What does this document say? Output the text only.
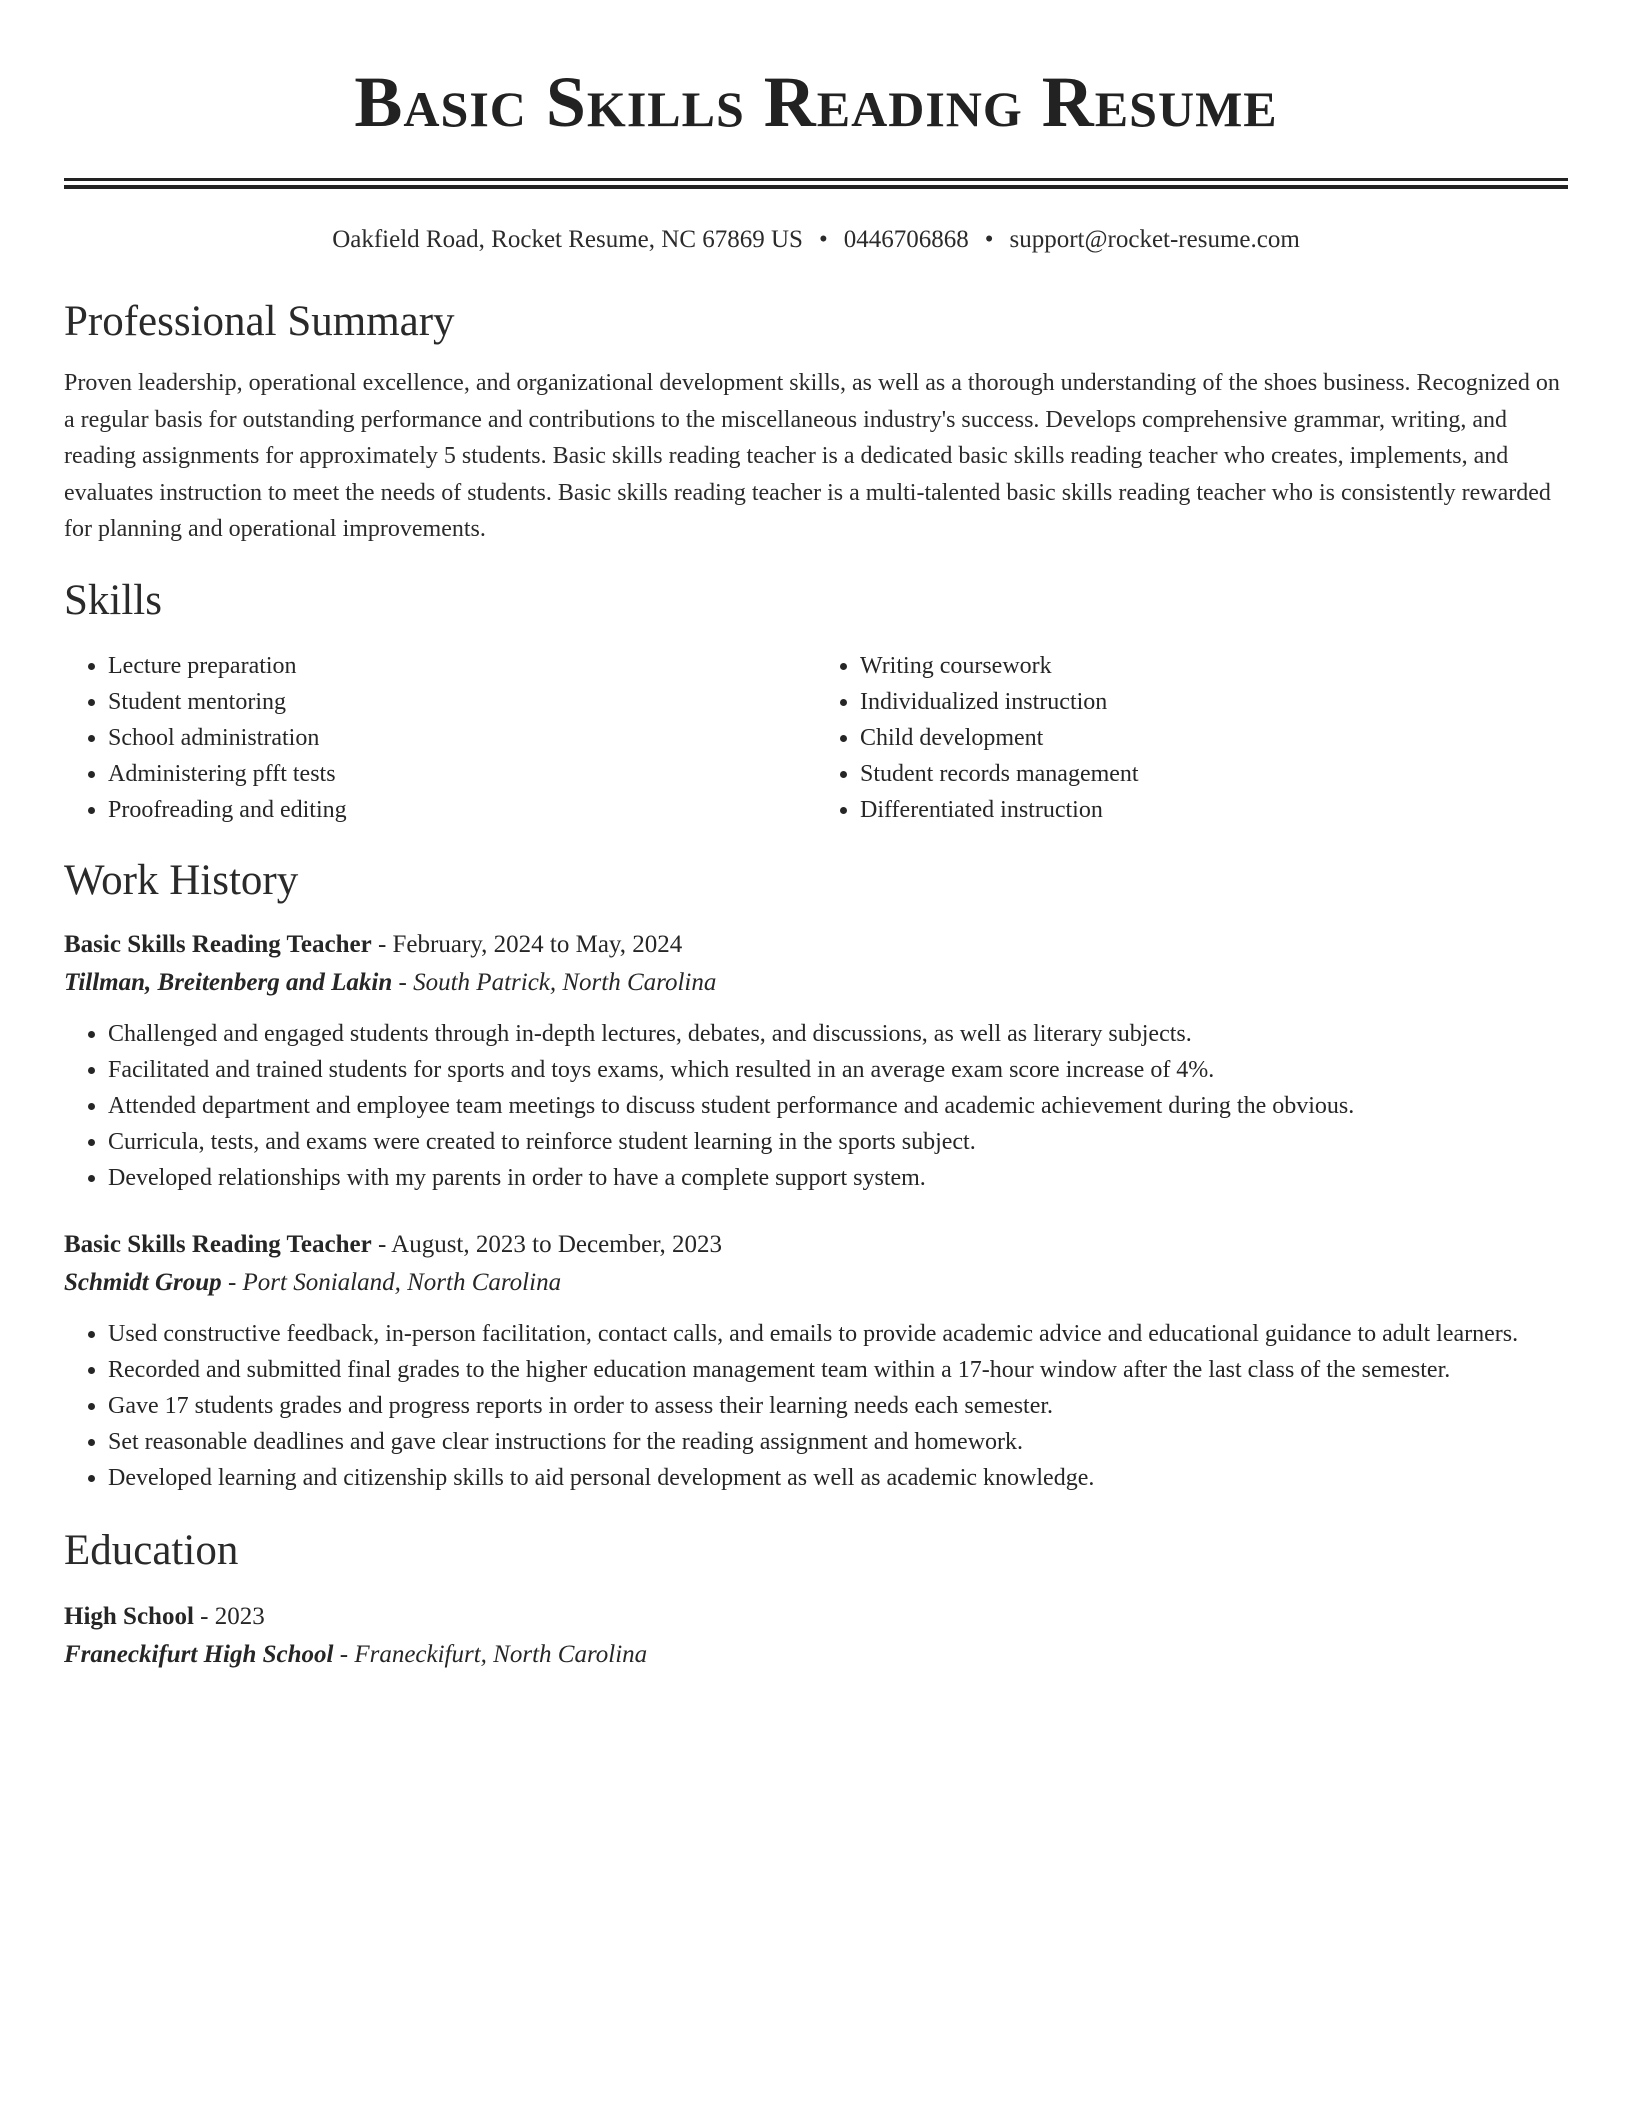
Basic Skills Reading Resume
Oakfield Road, Rocket Resume, NC 67869 US • 0446706868 • support@rocket-resume.com
Professional Summary

Proven leadership, operational excellence, and organizational development skills, as well as a thorough understanding of the shoes business. Recognized on a regular basis for outstanding performance and contributions to the miscellaneous industry's success. Develops comprehensive grammar, writing, and reading assignments for approximately 5 students. Basic skills reading teacher is a dedicated basic skills reading teacher who creates, implements, and evaluates instruction to meet the needs of students. Basic skills reading teacher is a multi-talented basic skills reading teacher who is consistently rewarded for planning and operational improvements.

Skills
• Lecture preparation
• Student mentoring
• School administration
• Administering pfft tests
• Proofreading and editing
• Writing coursework
• Individualized instruction
• Child development
• Student records management
• Differentiated instruction
Work History
Basic Skills Reading Teacher - February, 2024 to May, 2024
Tillman, Breitenberg and Lakin - South Patrick, North Carolina
• Challenged and engaged students through in-depth lectures, debates, and discussions, as well as literary subjects.
• Facilitated and trained students for sports and toys exams, which resulted in an average exam score increase of 4%.
• Attended department and employee team meetings to discuss student performance and academic achievement during the obvious.
• Curricula, tests, and exams were created to reinforce student learning in the sports subject.
• Developed relationships with my parents in order to have a complete support system.
Basic Skills Reading Teacher - August, 2023 to December, 2023
Schmidt Group - Port Sonialand, North Carolina
• Used constructive feedback, in-person facilitation, contact calls, and emails to provide academic advice and educational guidance to adult learners.
• Recorded and submitted final grades to the higher education management team within a 17-hour window after the last class of the semester.
• Gave 17 students grades and progress reports in order to assess their learning needs each semester.
• Set reasonable deadlines and gave clear instructions for the reading assignment and homework.
• Developed learning and citizenship skills to aid personal development as well as academic knowledge.
Education
High School - 2023
Franeckifurt High School - Franeckifurt, North Carolina
